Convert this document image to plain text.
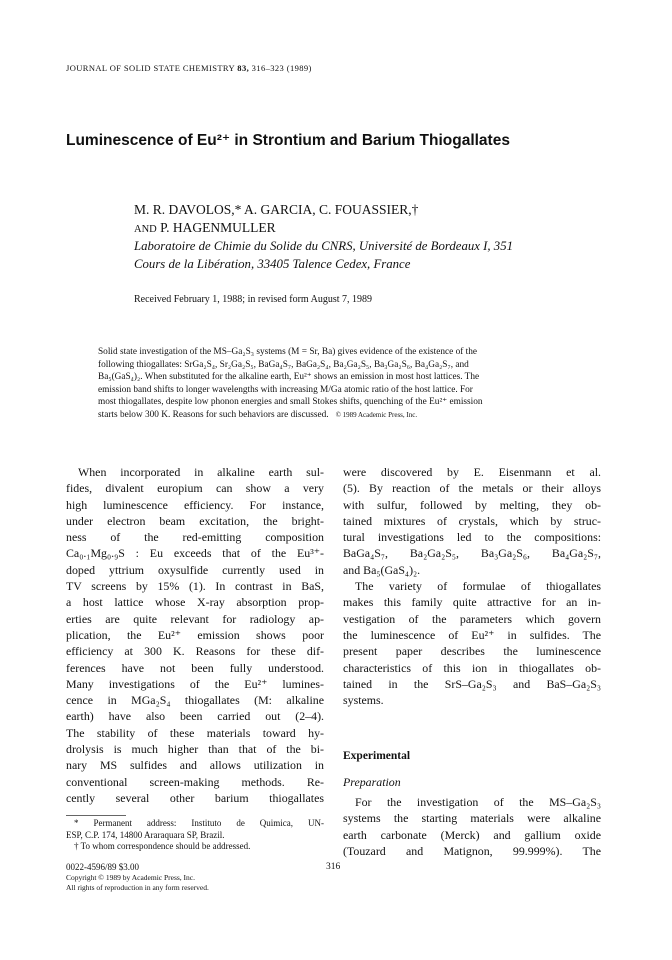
JOURNAL OF SOLID STATE CHEMISTRY 83, 316–323 (1989)
Luminescence of Eu²⁺ in Strontium and Barium Thiogallates
M. R. DAVOLOS,* A. GARCIA, C. FOUASSIER,†
AND P. HAGENMULLER
Laboratoire de Chimie du Solide du CNRS, Université de Bordeaux I, 351
Cours de la Libération, 33405 Talence Cedex, France
Received February 1, 1988; in revised form August 7, 1989
Solid state investigation of the MS–Ga₂S₃ systems (M = Sr, Ba) gives evidence of the existence of the
following thiogallates: SrGa₂S₄, Sr₂Ga₂S₅, BaGa₄S₇, BaGa₂S₄, Ba₂Ga₂S₅, Ba₃Ga₂S₆, Ba₄Ga₂S₇, and
Ba₅(GaS₄)₂. When substituted for the alkaline earth, Eu²⁺ shows an emission in most host lattices. The
emission band shifts to longer wavelengths with increasing M/Ga atomic ratio of the host lattice. For
most thiogallates, despite low phonon energies and small Stokes shifts, quenching of the Eu²⁺ emission
starts below 300 K. Reasons for such behaviors are discussed. © 1989 Academic Press, Inc.
When incorporated in alkaline earth sul-
fides, divalent europium can show a very
high luminescence efficiency. For instance,
under electron beam excitation, the bright-
ness of the red-emitting composition
Ca₀.₁Mg₀.₉S : Eu exceeds that of the Eu³⁺-
doped yttrium oxysulfide currently used in
TV screens by 15% (1). In contrast in BaS,
a host lattice whose X-ray absorption prop-
erties are quite relevant for radiology ap-
plication, the Eu²⁺ emission shows poor
efficiency at 300 K. Reasons for these dif-
ferences have not been fully understood.
Many investigations of the Eu²⁺ lumines-
cence in MGa₂S₄ thiogallates (M: alkaline
earth) have also been carried out (2–4).
The stability of these materials toward hy-
drolysis is much higher than that of the bi-
nary MS sulfides and allows utilization in
conventional screen-making methods. Re-
cently several other barium thiogallates
were discovered by E. Eisenmann et al.
(5). By reaction of the metals or their alloys
with sulfur, followed by melting, they ob-
tained mixtures of crystals, which by struc-
tural investigations led to the compositions:
BaGa₄S₇, Ba₂Ga₂S₅, Ba₃Ga₂S₆, Ba₄Ga₂S₇,
and Ba₅(GaS₄)₂.
The variety of formulae of thiogallates
makes this family quite attractive for an in-
vestigation of the parameters which govern
the luminescence of Eu²⁺ in sulfides. The
present paper describes the luminescence
characteristics of this ion in thiogallates ob-
tained in the SrS–Ga₂S₃ and BaS–Ga₂S₃
systems.
Experimental
Preparation
For the investigation of the MS–Ga₂S₃
systems the starting materials were alkaline
earth carbonate (Merck) and gallium oxide
(Touzard and Matignon, 99.999%). The
* Permanent address: Instituto de Quimica, UN-
ESP, C.P. 174, 14800 Araraquara SP, Brazil.
† To whom correspondence should be addressed.
0022-4596/89 $3.00	316
Copyright © 1989 by Academic Press, Inc.
All rights of reproduction in any form reserved.
